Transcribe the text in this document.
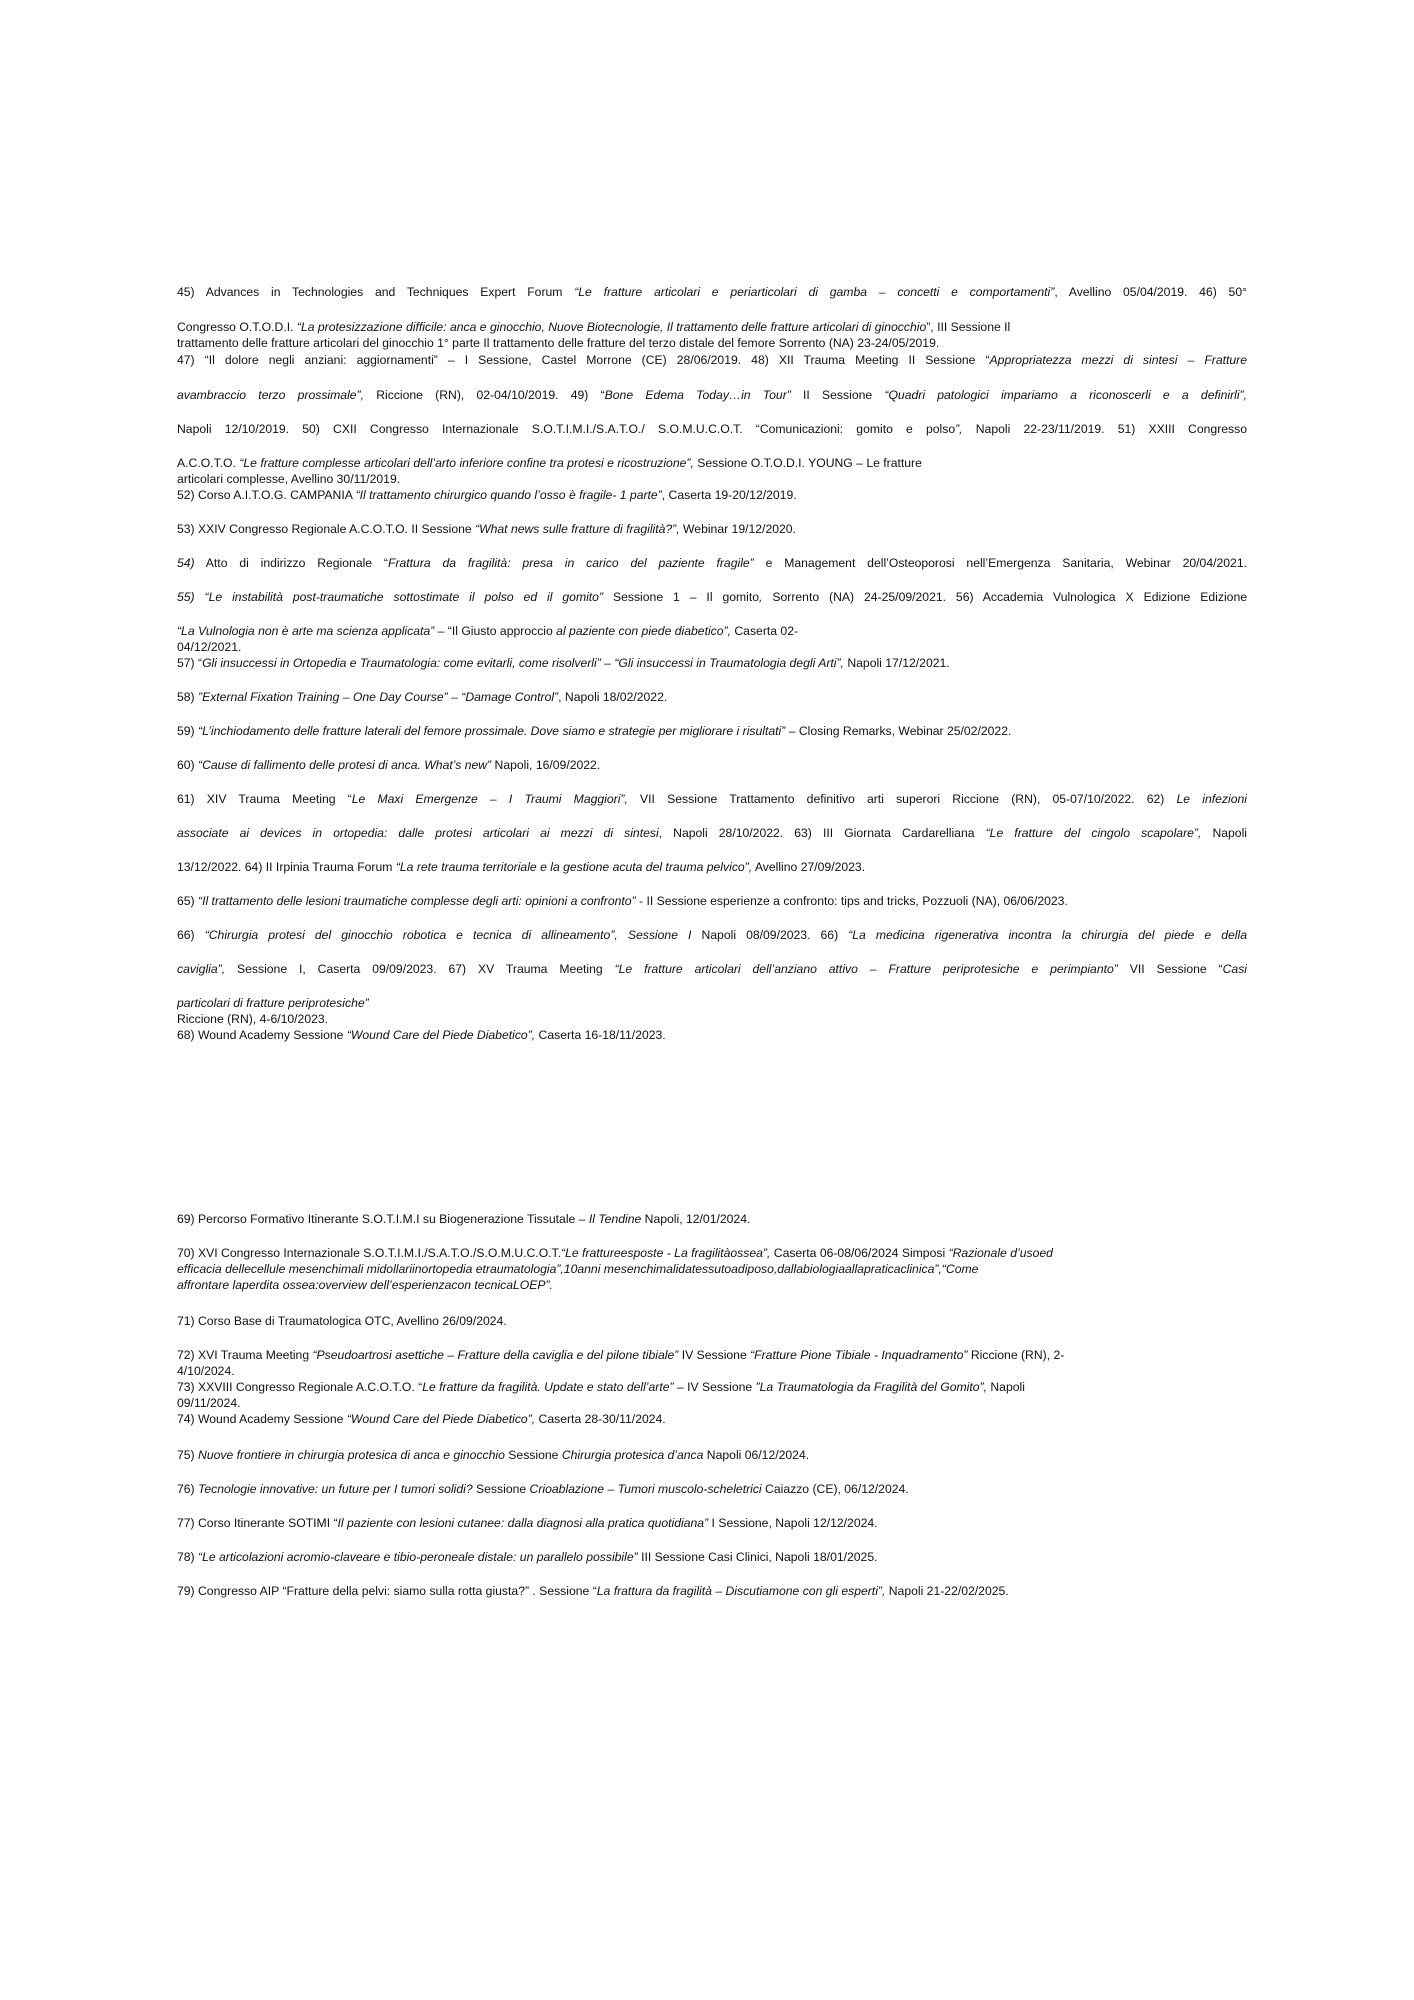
45) Advances in Technologies and Techniques Expert Forum “Le fratture articolari e periarticolari di gamba – concetti e comportamenti”, Avellino 05/04/2019. 46) 50°
Congresso O.T.O.D.I. “La protesizzazione difficile: anca e ginocchio, Nuove Biotecnologie, Il trattamento delle fratture articolari di ginocchio”, III Sessione Il
trattamento delle fratture articolari del ginocchio 1° parte Il trattamento delle fratture del terzo distale del femore Sorrento (NA) 23-24/05/2019.
47) “Il dolore negli anziani: aggiornamenti” – I Sessione, Castel Morrone (CE) 28/06/2019. 48) XII Trauma Meeting II Sessione “Appropriatezza mezzi di sintesi – Fratture
avambraccio terzo prossimale”, Riccione (RN), 02-04/10/2019. 49) “Bone Edema Today…in Tour” II Sessione “Quadri patologici impariamo a riconoscerli e a definirli”,
Napoli 12/10/2019. 50) CXII Congresso Internazionale S.O.T.I.M.I./S.A.T.O./ S.O.M.U.C.O.T. “Comunicazioni: gomito e polso”, Napoli 22-23/11/2019. 51) XXIII Congresso
A.C.O.T.O. “Le fratture complesse articolari dell’arto inferiore confine tra protesi e ricostruzione”, Sessione O.T.O.D.I. YOUNG – Le fratture
articolari complesse, Avellino 30/11/2019.
52) Corso A.I.T.O.G. CAMPANIA “Il trattamento chirurgico quando l’osso è fragile- 1 parte”, Caserta 19-20/12/2019.
53) XXIV Congresso Regionale A.C.O.T.O. II Sessione “What news sulle fratture di fragilità?”, Webinar 19/12/2020.
54) Atto di indirizzo Regionale “Frattura da fragilità: presa in carico del paziente fragile” e Management dell’Osteoporosi nell’Emergenza Sanitaria, Webinar 20/04/2021.
55) “Le instabilità post-traumatiche sottostimate il polso ed il gomito” Sessione 1 – Il gomito, Sorrento (NA) 24-25/09/2021. 56) Accademia Vulnologica X Edizione Edizione
“La Vulnologia non è arte ma scienza applicata” – “Il Giusto approccio al paziente con piede diabetico”, Caserta 02-
04/12/2021.
57) “Gli insuccessi in Ortopedia e Traumatologia: come evitarli, come risolverli” – “Gli insuccessi in Traumatologia degli Arti”, Napoli 17/12/2021.
58) ”External Fixation Training – One Day Course” – “Damage Control”, Napoli 18/02/2022.
59) “L’inchiodamento delle fratture laterali del femore prossimale. Dove siamo e strategie per migliorare i risultati” – Closing Remarks, Webinar 25/02/2022.
60) “Cause di fallimento delle protesi di anca. What’s new” Napoli, 16/09/2022.
61) XIV Trauma Meeting “Le Maxi Emergenze – I Traumi Maggiori”, VII Sessione Trattamento definitivo arti superori Riccione (RN), 05-07/10/2022. 62) Le infezioni
associate ai devices in ortopedia: dalle protesi articolari ai mezzi di sintesi, Napoli 28/10/2022. 63) III Giornata Cardarelliana “Le fratture del cingolo scapolare”, Napoli
13/12/2022. 64) II Irpinia Trauma Forum “La rete trauma territoriale e la gestione acuta del trauma pelvico”, Avellino 27/09/2023.
65) “Il trattamento delle lesioni traumatiche complesse degli arti: opinioni a confronto” - II Sessione esperienze a confronto: tips and tricks, Pozzuoli (NA), 06/06/2023.
66) “Chirurgia protesi del ginocchio robotica e tecnica di allineamento”, Sessione I Napoli 08/09/2023. 66) “La medicina rigenerativa incontra la chirurgia del piede e della
caviglia”, Sessione I, Caserta 09/09/2023. 67) XV Trauma Meeting “Le fratture articolari dell’anziano attivo – Fratture periprotesiche e perimpianto” VII Sessione “Casi
particolari di fratture periprotesiche”
Riccione (RN), 4-6/10/2023.
68) Wound Academy Sessione “Wound Care del Piede Diabetico”, Caserta 16-18/11/2023.
69) Percorso Formativo Itinerante S.O.T.I.M.I su Biogenerazione Tissutale – Il Tendine Napoli, 12/01/2024.
70) XVI Congresso Internazionale S.O.T.I.M.I./S.A.T.O./S.O.M.U.C.O.T.“Le frattureesposte - La fragilitàossea”, Caserta 06-08/06/2024 Simposi “Razionale d’usoed
efficacia dellecellule mesenchimali midollariinortopedia etraumatologia”,10anni mesenchimalidatessutoadiposo,dallabiologiaallapraticaclinica”,“Come
affrontare laperdita ossea:overview dell’esperienzacon tecnicaLOEP”.
71) Corso Base di Traumatologica OTC, Avellino 26/09/2024.
72) XVI Trauma Meeting “Pseudoartrosi asettiche – Fratture della caviglia e del pilone tibiale” IV Sessione “Fratture Pione Tibiale - Inquadramento” Riccione (RN), 2-
4/10/2024.
73) XXVIII Congresso Regionale A.C.O.T.O. “Le fratture da fragilità. Update e stato dell’arte” – IV Sessione ”La Traumatologia da Fragilità del Gomito”, Napoli
09/11/2024.
74) Wound Academy Sessione “Wound Care del Piede Diabetico”, Caserta 28-30/11/2024.
75) Nuove frontiere in chirurgia protesica di anca e ginocchio Sessione Chirurgia protesica d’anca Napoli 06/12/2024.
76) Tecnologie innovative: un future per I tumori solidi? Sessione Crioablazione – Tumori muscolo-scheletrici Caiazzo (CE), 06/12/2024.
77) Corso Itinerante SOTIMI “Il paziente con lesioni cutanee: dalla diagnosi alla pratica quotidiana” I Sessione, Napoli 12/12/2024.
78) “Le articolazioni acromio-claveare e tibio-peroneale distale: un parallelo possibile” III Sessione Casi Clinici, Napoli 18/01/2025.
79) Congresso AIP “Fratture della pelvi: siamo sulla rotta giusta?” . Sessione “La frattura da fragilità – Discutiamone con gli esperti”, Napoli 21-22/02/2025.
